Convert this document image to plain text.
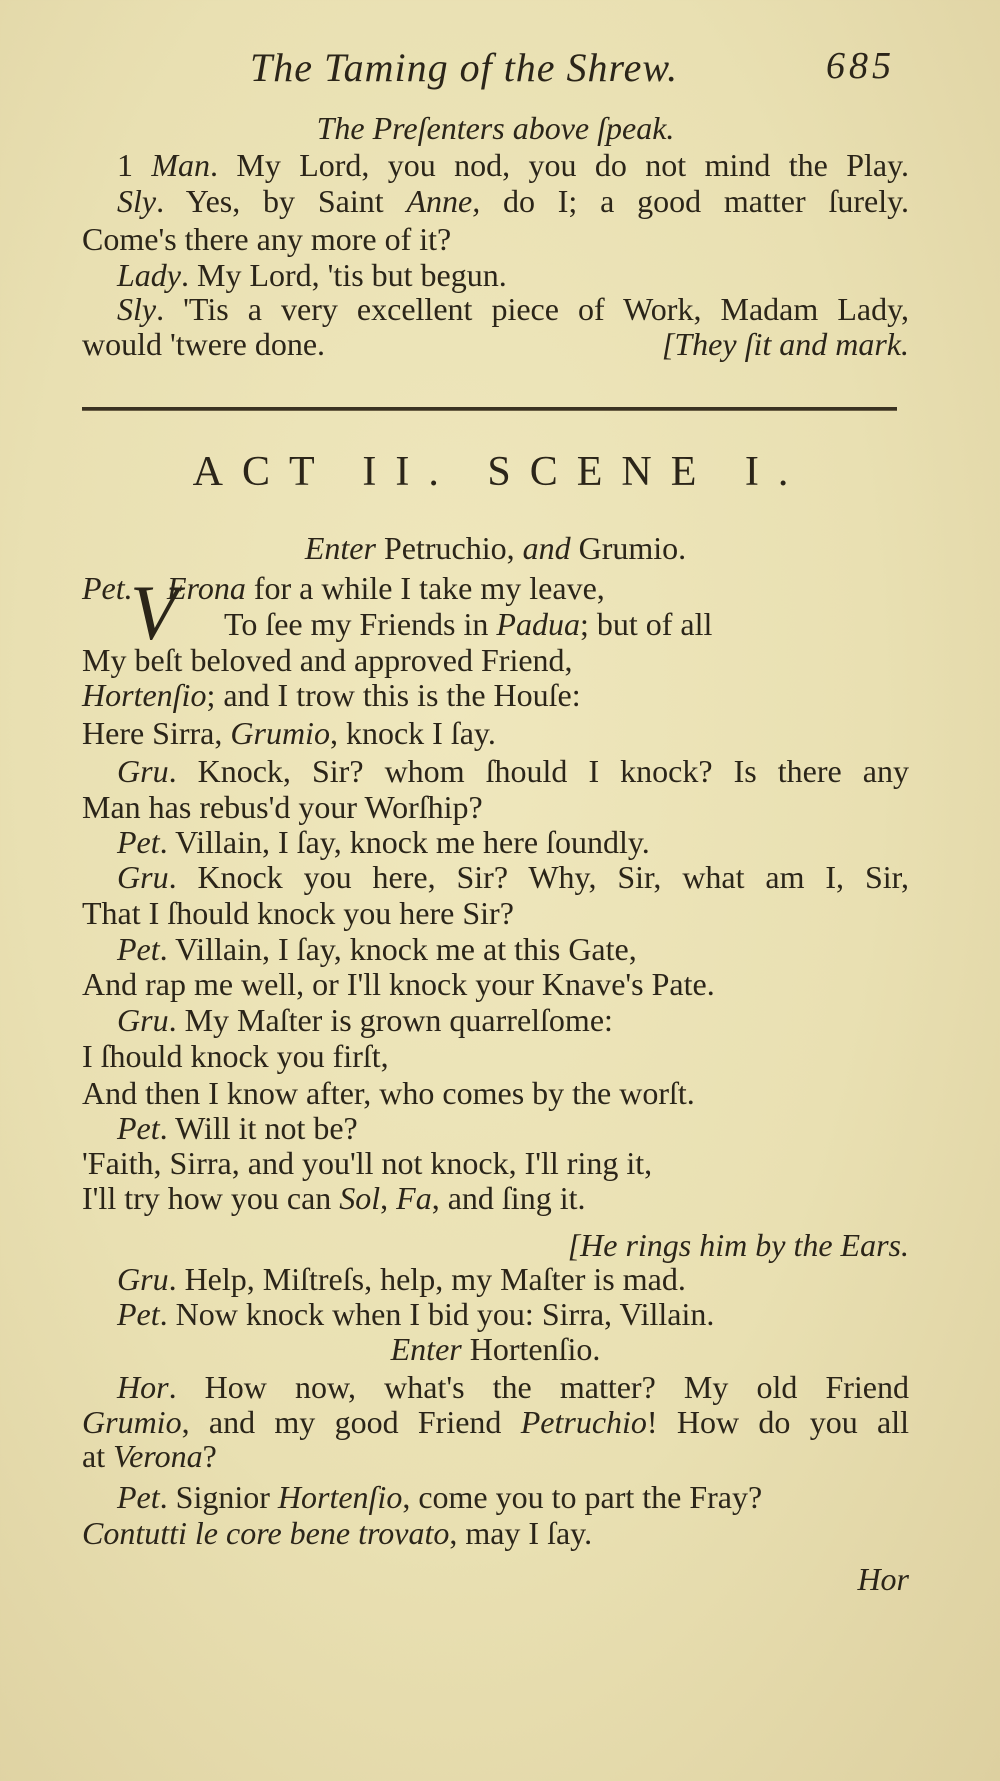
The Taming of the Shrew.	685
ACT II. SCENE I.
V
The Preſenters above ſpeak.
1 Man. My Lord, you nod, you do not mind the Play.
Sly. Yes, by Saint Anne, do I; a good matter ſurely.
Come's there any more of it?
Lady. My Lord, 'tis but begun.
Sly. 'Tis a very excellent piece of Work, Madam Lady,
would 'twere done.	[They ſit and mark.
Enter Petruchio, and Grumio.
Pet.	Erona for a while I take my leave,
To ſee my Friends in Padua; but of all
My beſt beloved and approved Friend,
Hortenſio; and I trow this is the Houſe:
Here Sirra, Grumio, knock I ſay.
Gru. Knock, Sir? whom ſhould I knock? Is there any
Man has rebus'd your Worſhip?
Pet. Villain, I ſay, knock me here ſoundly.
Gru. Knock you here, Sir? Why, Sir, what am I, Sir,
That I ſhould knock you here Sir?
Pet. Villain, I ſay, knock me at this Gate,
And rap me well, or I'll knock your Knave's Pate.
Gru. My Maſter is grown quarrelſome:
I ſhould knock you firſt,
And then I know after, who comes by the worſt.
Pet. Will it not be?
'Faith, Sirra, and you'll not knock, I'll ring it,
I'll try how you can Sol, Fa, and ſing it.
[He rings him by the Ears.
Gru. Help, Miſtreſs, help, my Maſter is mad.
Pet. Now knock when I bid you: Sirra, Villain.
Enter Hortenſio.
Hor. How now, what's the matter? My old Friend
Grumio, and my good Friend Petruchio! How do you all
at Verona?
Pet. Signior Hortenſio, come you to part the Fray?
Contutti le core bene trovato, may I ſay.
Hor
